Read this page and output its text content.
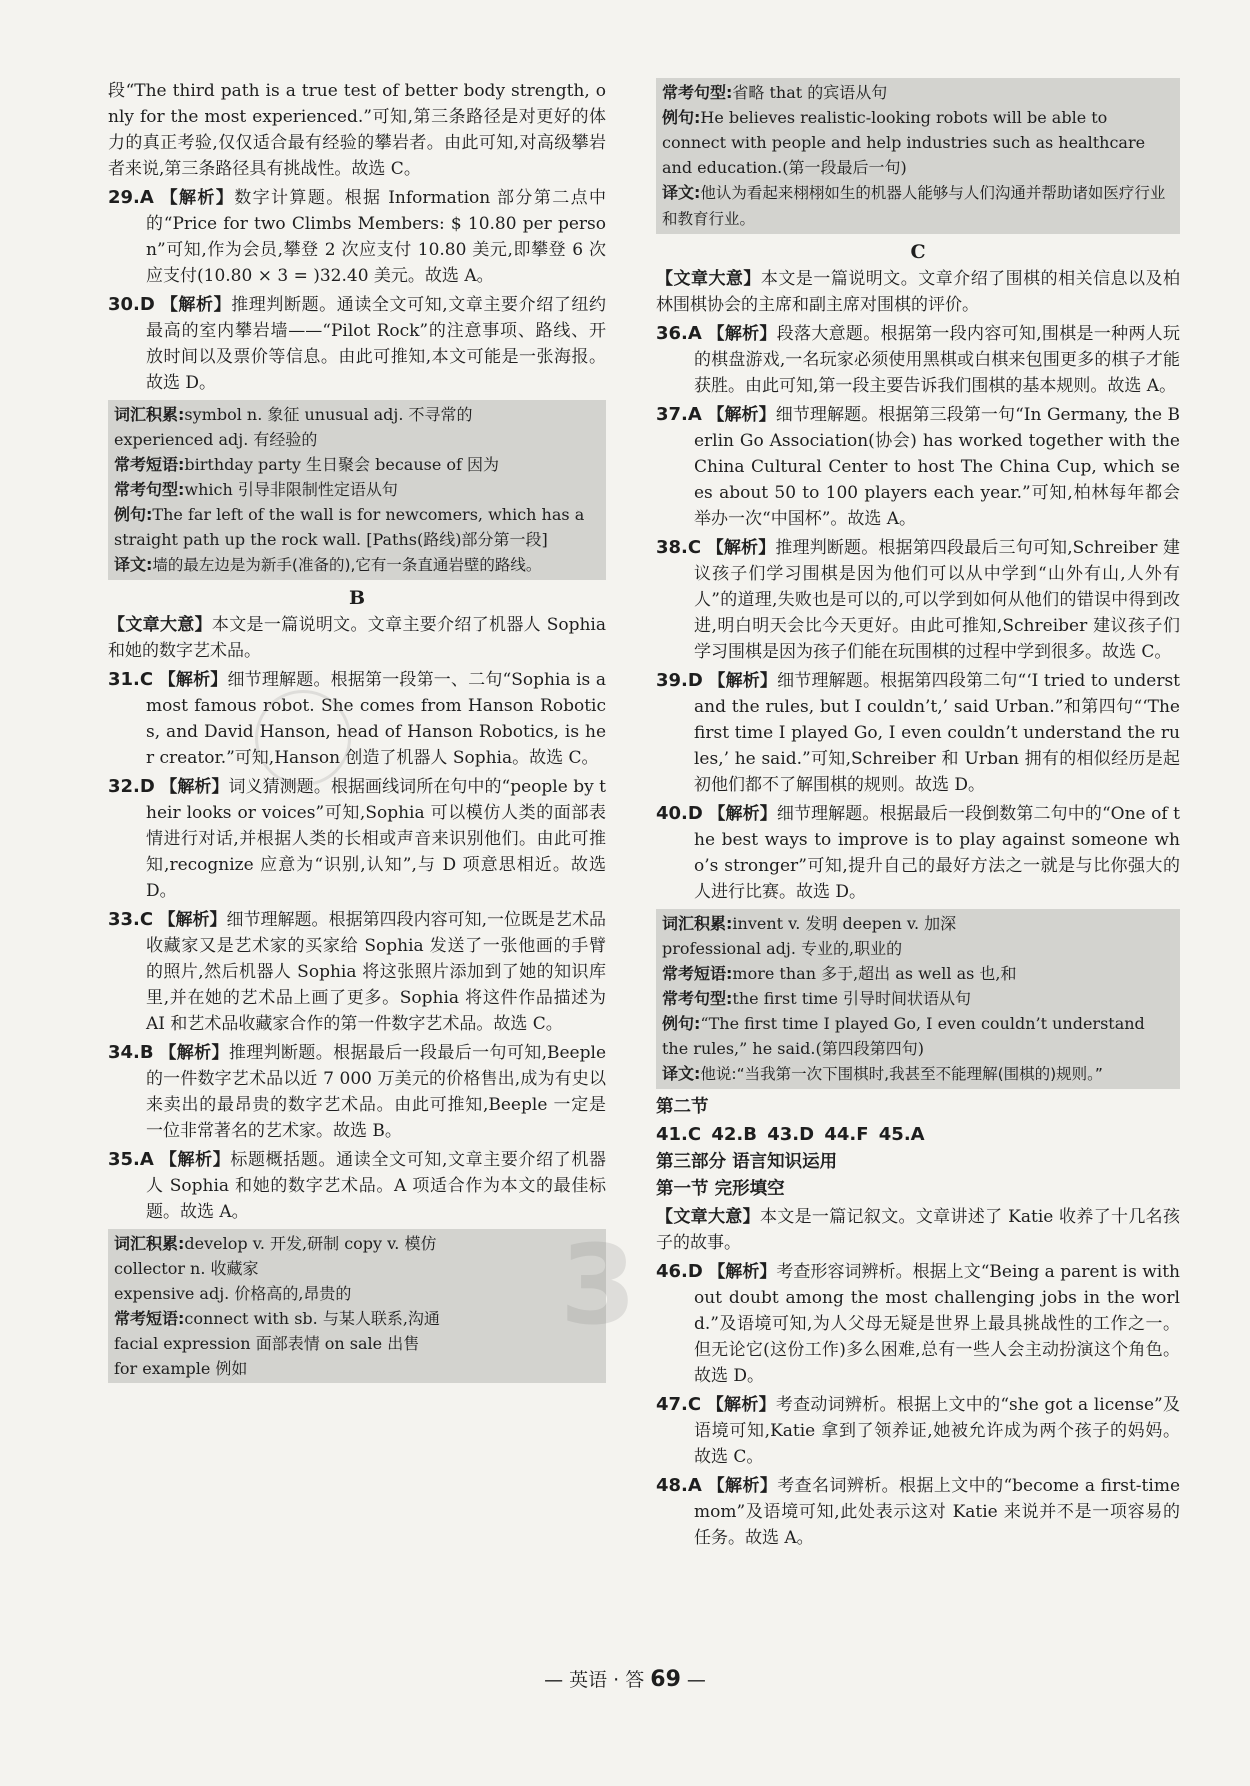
段“The third path is a true test of better body strength, only for the most experienced.”可知,第三条路径是对更好的体力的真正考验,仅仅适合最有经验的攀岩者。由此可知,对高级攀岩者来说,第三条路径具有挑战性。故选 C。

29.A 【解析】数字计算题。根据 Information 部分第二点中的“Price for two Climbs Members: $ 10.80 per person”可知,作为会员,攀登 2 次应支付 10.80 美元,即攀登 6 次应支付(10.80 × 3 = )32.40 美元。故选 A。

30.D 【解析】推理判断题。通读全文可知,文章主要介绍了纽约最高的室内攀岩墙——“Pilot Rock”的注意事项、路线、开放时间以及票价等信息。由此可推知,本文可能是一张海报。故选 D。

词汇积累:symbol n. 象征 unusual adj. 不寻常的

experienced adj. 有经验的

常考短语:birthday party 生日聚会 because of 因为

常考句型:which 引导非限制性定语从句

例句:The far left of the wall is for newcomers, which has a straight path up the rock wall. [Paths(路线)部分第一段]

译文:墙的最左边是为新手(准备的),它有一条直通岩壁的路线。

B

【文章大意】本文是一篇说明文。文章主要介绍了机器人 Sophia 和她的数字艺术品。

31.C 【解析】细节理解题。根据第一段第一、二句“Sophia is a most famous robot. She comes from Hanson Robotics, and David Hanson, head of Hanson Robotics, is her creator.”可知,Hanson 创造了机器人 Sophia。故选 C。

32.D 【解析】词义猜测题。根据画线词所在句中的“people by their looks or voices”可知,Sophia 可以模仿人类的面部表情进行对话,并根据人类的长相或声音来识别他们。由此可推知,recognize 应意为“识别,认知”,与 D 项意思相近。故选 D。

33.C 【解析】细节理解题。根据第四段内容可知,一位既是艺术品收藏家又是艺术家的买家给 Sophia 发送了一张他画的手臂的照片,然后机器人 Sophia 将这张照片添加到了她的知识库里,并在她的艺术品上画了更多。Sophia 将这件作品描述为 AI 和艺术品收藏家合作的第一件数字艺术品。故选 C。

34.B 【解析】推理判断题。根据最后一段最后一句可知,Beeple 的一件数字艺术品以近 7 000 万美元的价格售出,成为有史以来卖出的最昂贵的数字艺术品。由此可推知,Beeple 一定是一位非常著名的艺术家。故选 B。

35.A 【解析】标题概括题。通读全文可知,文章主要介绍了机器人 Sophia 和她的数字艺术品。A 项适合作为本文的最佳标题。故选 A。

词汇积累:develop v. 开发,研制 copy v. 模仿

collector n. 收藏家

expensive adj. 价格高的,昂贵的

常考短语:connect with sb. 与某人联系,沟通

facial expression 面部表情 on sale 出售

for example 例如

常考句型:省略 that 的宾语从句

例句:He believes realistic-looking robots will be able to connect with people and help industries such as healthcare and education.(第一段最后一句)

译文:他认为看起来栩栩如生的机器人能够与人们沟通并帮助诸如医疗行业和教育行业。

C

【文章大意】本文是一篇说明文。文章介绍了围棋的相关信息以及柏林围棋协会的主席和副主席对围棋的评价。

36.A 【解析】段落大意题。根据第一段内容可知,围棋是一种两人玩的棋盘游戏,一名玩家必须使用黑棋或白棋来包围更多的棋子才能获胜。由此可知,第一段主要告诉我们围棋的基本规则。故选 A。

37.A 【解析】细节理解题。根据第三段第一句“In Germany, the Berlin Go Association(协会) has worked together with the China Cultural Center to host The China Cup, which sees about 50 to 100 players each year.”可知,柏林每年都会举办一次“中国杯”。故选 A。

38.C 【解析】推理判断题。根据第四段最后三句可知,Schreiber 建议孩子们学习围棋是因为他们可以从中学到“山外有山,人外有人”的道理,失败也是可以的,可以学到如何从他们的错误中得到改进,明白明天会比今天更好。由此可推知,Schreiber 建议孩子们学习围棋是因为孩子们能在玩围棋的过程中学到很多。故选 C。

39.D 【解析】细节理解题。根据第四段第二句“‘I tried to understand the rules, but I couldn’t,’ said Urban.”和第四句“‘The first time I played Go, I even couldn’t understand the rules,’ he said.”可知,Schreiber 和 Urban 拥有的相似经历是起初他们都不了解围棋的规则。故选 D。

40.D 【解析】细节理解题。根据最后一段倒数第二句中的“One of the best ways to improve is to play against someone who’s stronger”可知,提升自己的最好方法之一就是与比你强大的人进行比赛。故选 D。

词汇积累:invent v. 发明 deepen v. 加深

professional adj. 专业的,职业的

常考短语:more than 多于,超出 as well as 也,和

常考句型:the first time 引导时间状语从句

例句:“The first time I played Go, I even couldn’t understand the rules,” he said.(第四段第四句)

译文:他说:“当我第一次下围棋时,我甚至不能理解(围棋的)规则。”

第二节
41.C 42.B 43.D 44.F 45.A
第三部分 语言知识运用
第一节 完形填空

【文章大意】本文是一篇记叙文。文章讲述了 Katie 收养了十几名孩子的故事。

46.D 【解析】考查形容词辨析。根据上文“Being a parent is without doubt among the most challenging jobs in the world.”及语境可知,为人父母无疑是世界上最具挑战性的工作之一。但无论它(这份工作)多么困难,总有一些人会主动扮演这个角色。故选 D。

47.C 【解析】考查动词辨析。根据上文中的“she got a license”及语境可知,Katie 拿到了领养证,她被允许成为两个孩子的妈妈。故选 C。

48.A 【解析】考查名词辨析。根据上文中的“become a first-time mom”及语境可知,此处表示这对 Katie 来说并不是一项容易的任务。故选 A。

— 英语 · 答 69 —
